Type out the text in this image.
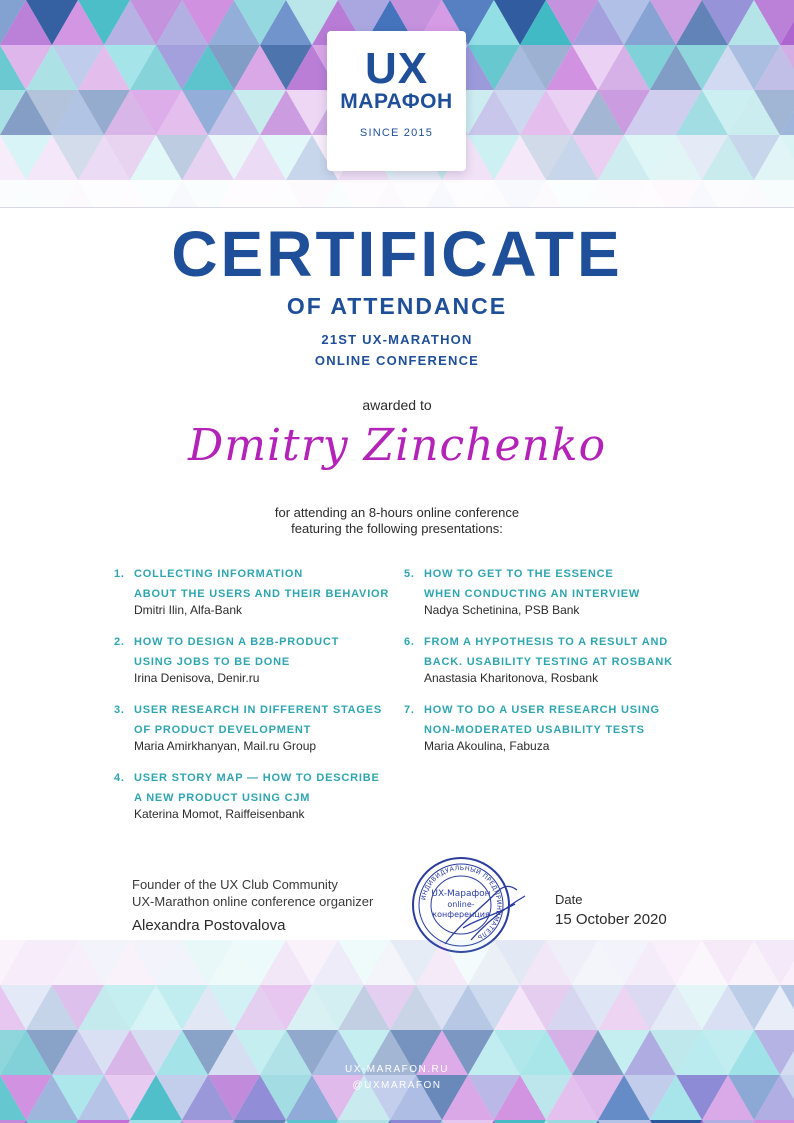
UX
МАРАФОН
SINCE 2015
CERTIFICATE
OF ATTENDANCE
21ST UX-MARATHON
ONLINE CONFERENCE
awarded to
Dmitry Zinchenko
for attending an 8-hours online conference
featuring the following presentations:
1. COLLECTING INFORMATION
ABOUT THE USERS AND THEIR BEHAVIOR
Dmitri Ilin, Alfa-Bank
2. HOW TO DESIGN A B2B-PRODUCT
USING JOBS TO BE DONE
Irina Denisova, Denir.ru
3. USER RESEARCH IN DIFFERENT STAGES
OF PRODUCT DEVELOPMENT
Maria Amirkhanyan, Mail.ru Group
4. USER STORY MAP — HOW TO DESCRIBE
A NEW PRODUCT USING CJM
Katerina Momot, Raiffeisenbank
5. HOW TO GET TO THE ESSENCE
WHEN CONDUCTING AN INTERVIEW
Nadya Schetinina, PSB Bank
6. FROM A HYPOTHESIS TO A RESULT AND
BACK. USABILITY TESTING AT ROSBANK
Anastasia Kharitonova, Rosbank
7. HOW TO DO A USER RESEARCH USING
NON-MODERATED USABILITY TESTS
Maria Akoulina, Fabuza
Founder of the UX Club Community
UX-Marathon online conference organizer
Alexandra Postovalova
ИНДИВИДУАЛЬНЫЙ ПРЕДПРИНИМАТЕЛЬ
UX-Марафон
online-
конференция
Date
15 October 2020
UX-MARAFON.RU
@UXMARAFON
